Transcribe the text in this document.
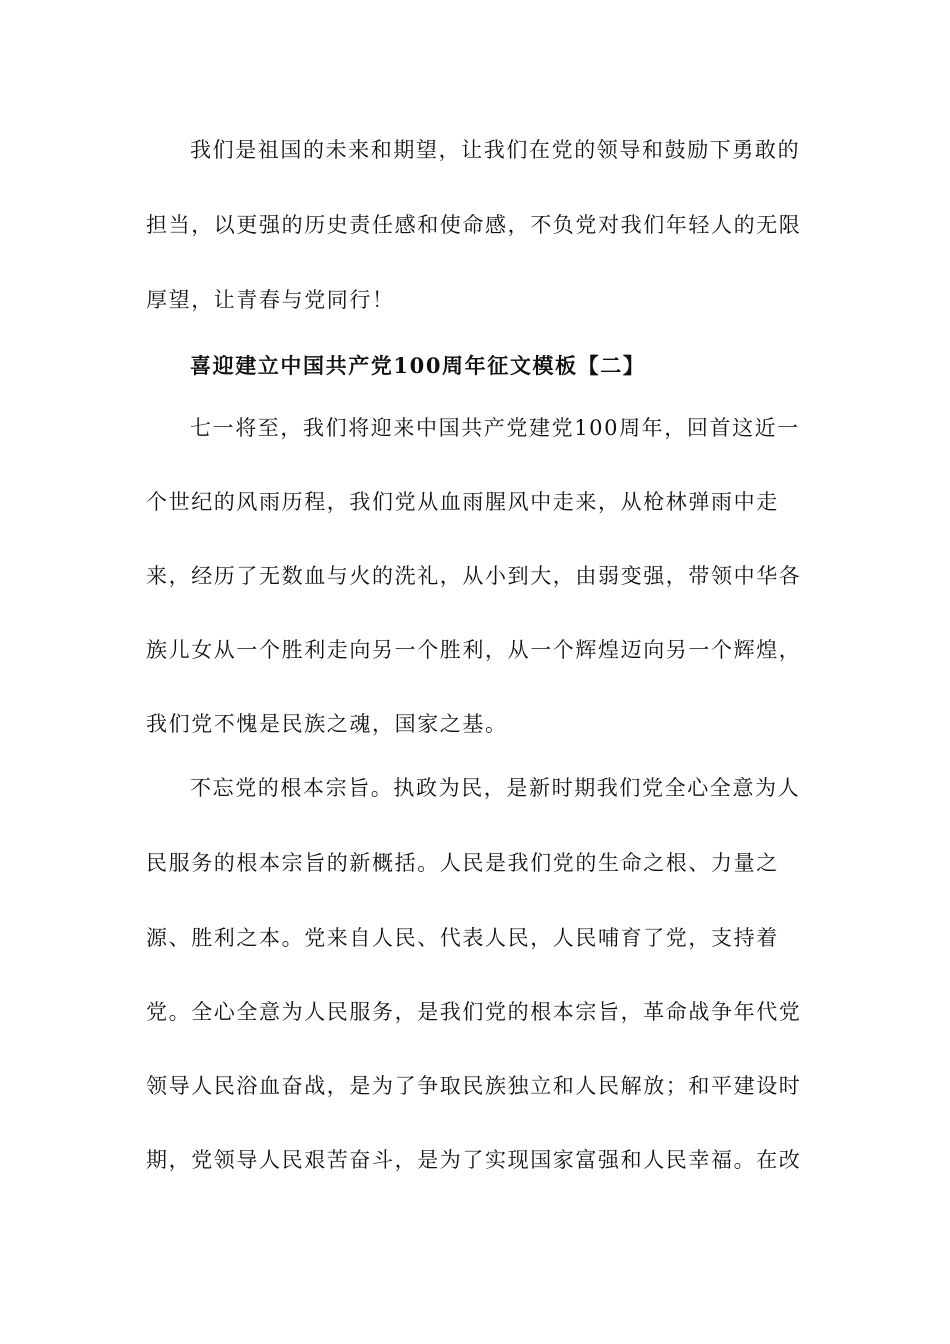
我们是祖国的未来和期望，让我们在党的领导和鼓励下勇敢的
担当，以更强的历史责任感和使命感，不负党对我们年轻人的无限
厚望，让青春与党同行！
喜迎建立中国共产党100周年征文模板【二】
七一将至，我们将迎来中国共产党建党100周年，回首这近一
个世纪的风雨历程，我们党从血雨腥风中走来，从枪林弹雨中走
来，经历了无数血与火的洗礼，从小到大，由弱变强，带领中华各
族儿女从一个胜利走向另一个胜利，从一个辉煌迈向另一个辉煌，
我们党不愧是民族之魂，国家之基。
不忘党的根本宗旨。执政为民，是新时期我们党全心全意为人
民服务的根本宗旨的新概括。人民是我们党的生命之根、力量之
源、胜利之本。党来自人民、代表人民，人民哺育了党，支持着
党。全心全意为人民服务，是我们党的根本宗旨，革命战争年代党
领导人民浴血奋战，是为了争取民族独立和人民解放；和平建设时
期，党领导人民艰苦奋斗，是为了实现国家富强和人民幸福。在改
